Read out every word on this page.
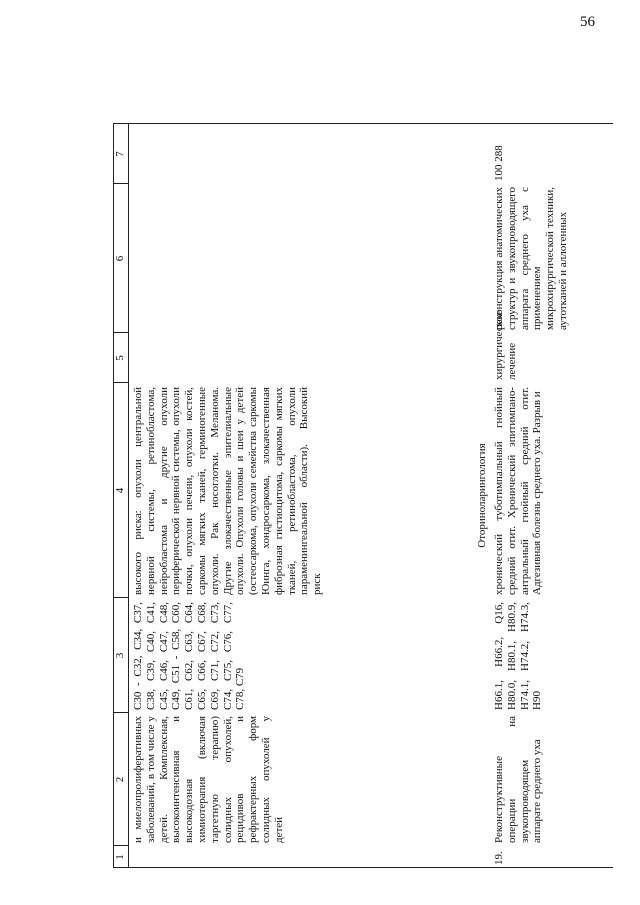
56
1
2
3
4
5
6
7
и миелопролиферативных заболеваний, в том числе у детей. Комплексная, высокоинтенсивная и высокодозная химиотерапия (включая таргетную терапию) солидных опухолей, рецидивов и рефрактерных форм солидных опухолей у детей
C30 - C32, C34, C37, C38, C39, C40, C41, C45, C46, C47, C48, C49, C51 - C58, C60, C61, C62, C63, C64, C65, C66, C67, C68, C69, C71, C72, C73, C74, C75, C76, C77, C78, C79
высокого риска: опухоли центральной нервной системы, ретинобластома, нейробластома и другие опухоли периферической нервной системы, опухоли почки, опухоли печени, опухоли костей, саркомы мягких тканей, герминогенные опухоли. Рак носоглотки. Меланома. Другие злокачественные эпителиальные опухоли. Опухоли головы и шеи у детей (остеосаркома, опухоли семейства саркомы Юинга, хондросаркома, злокачественная фиброзная гистиоцитома, саркомы мягких тканей, ретинобластома, опухоли параменингеальной области). Высокий риск
Оториноларингология
19.
Реконструктивные операции на звукопроводящем аппарате среднего уха
H66.1, H66.2, Q16, H80.0, H80.1, H80.9, H74.1, H74.2, H74.3, H90
хронический туботимпальный гнойный средний отит. Хронический эпитимпано-антральный гнойный средний отит. Адгезивная болезнь среднего уха. Разрыв и
хирургическое лечение
реконструкция анатомических структур и звукопроводящего аппарата среднего уха с применением микрохирургической техники, аутотканей и аллогенных
100 288
